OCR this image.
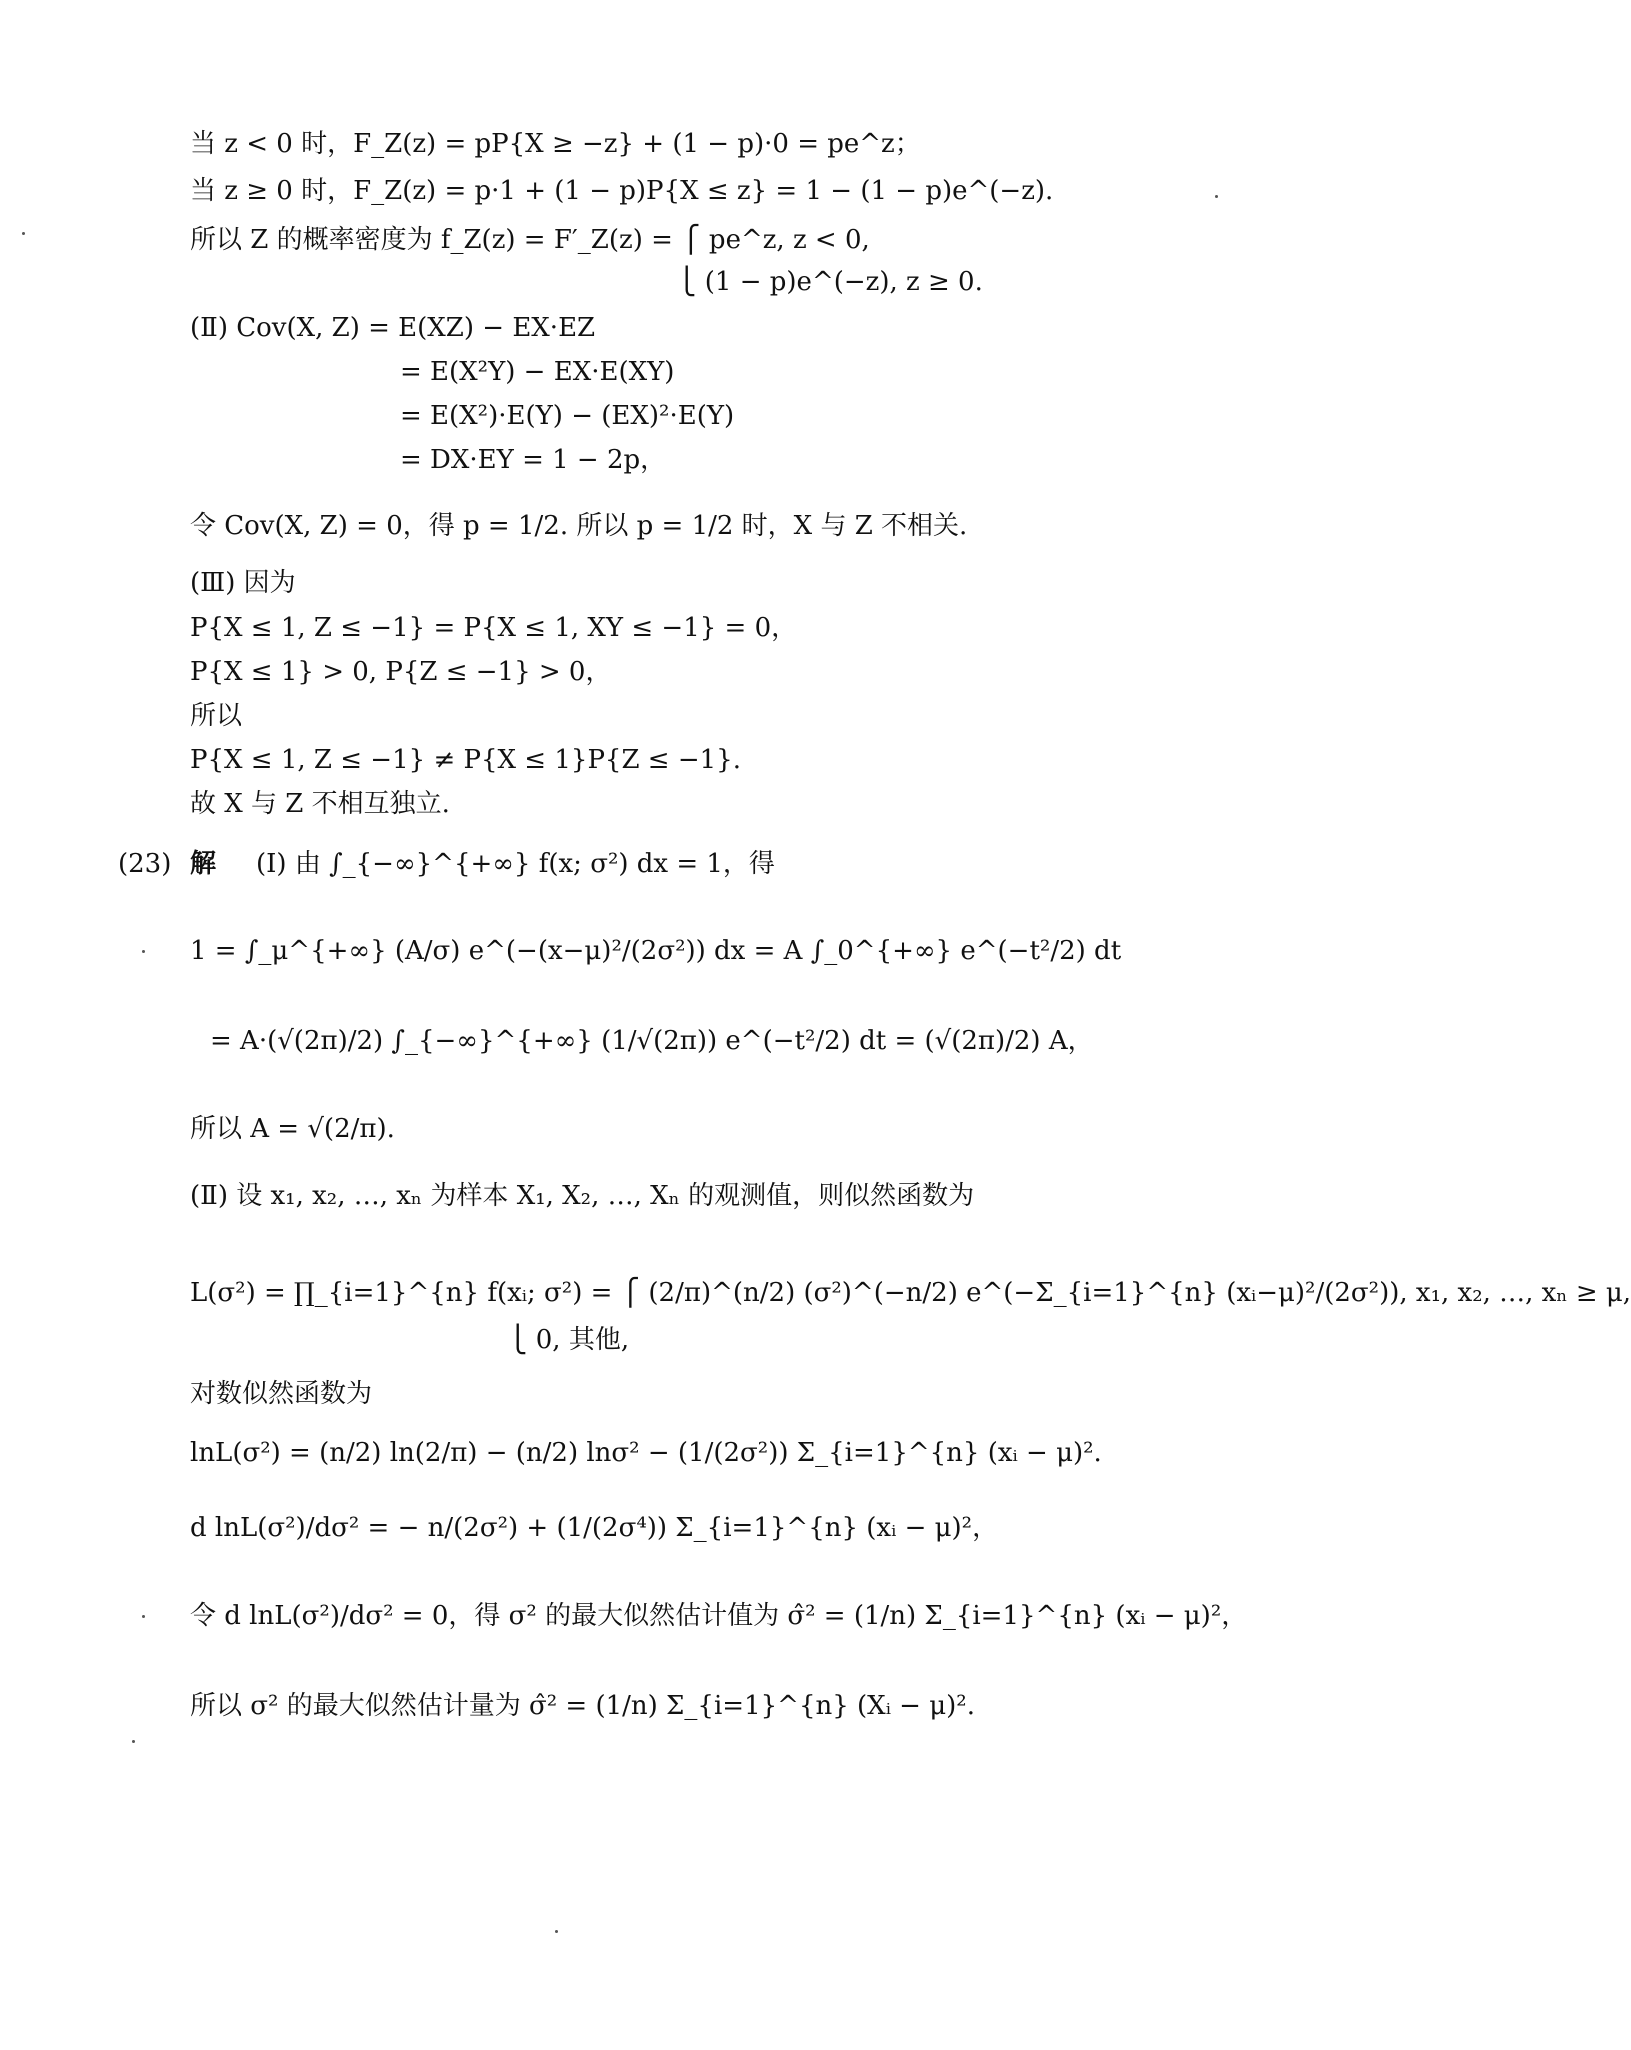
当 z < 0 时，F_Z(z) = pP{X ≥ −z} + (1 − p)·0 = pe^z；
当 z ≥ 0 时，F_Z(z) = p·1 + (1 − p)P{X ≤ z} = 1 − (1 − p)e^(−z).
所以 Z 的概率密度为 f_Z(z) = F′_Z(z) = ⎧ pe^z, z < 0,
⎩ (1 − p)e^(−z), z ≥ 0.
(Ⅱ) Cov(X, Z) = E(XZ) − EX·EZ
= E(X²Y) − EX·E(XY)
= E(X²)·E(Y) − (EX)²·E(Y)
= DX·EY = 1 − 2p，
令 Cov(X, Z) = 0，得 p = 1/2. 所以 p = 1/2 时，X 与 Z 不相关.
(Ⅲ) 因为
P{X ≤ 1, Z ≤ −1} = P{X ≤ 1, XY ≤ −1} = 0，
P{X ≤ 1} > 0, P{Z ≤ −1} > 0，
所以
P{X ≤ 1, Z ≤ −1} ≠ P{X ≤ 1}P{Z ≤ −1}.
故 X 与 Z 不相互独立.
(23) 解 (Ⅰ) 由 ∫_{−∞}^{+∞} f(x; σ²) dx = 1，得
1 = ∫_μ^{+∞} (A/σ) e^(−(x−μ)²/(2σ²)) dx = A ∫_0^{+∞} e^(−t²/2) dt
= A·(√(2π)/2) ∫_{−∞}^{+∞} (1/√(2π)) e^(−t²/2) dt = (√(2π)/2) A，
所以 A = √(2/π).
(Ⅱ) 设 x₁, x₂, …, xₙ 为样本 X₁, X₂, …, Xₙ 的观测值，则似然函数为
L(σ²) = ∏_{i=1}^{n} f(xᵢ; σ²) = ⎧ (2/π)^(n/2) (σ²)^(−n/2) e^(−Σ_{i=1}^{n} (xᵢ−μ)²/(2σ²)), x₁, x₂, …, xₙ ≥ μ,
⎩ 0, 其他,
对数似然函数为
lnL(σ²) = (n/2) ln(2/π) − (n/2) lnσ² − (1/(2σ²)) Σ_{i=1}^{n} (xᵢ − μ)².
d lnL(σ²)/dσ² = − n/(2σ²) + (1/(2σ⁴)) Σ_{i=1}^{n} (xᵢ − μ)²，
令 d lnL(σ²)/dσ² = 0，得 σ² 的最大似然估计值为 σ̂² = (1/n) Σ_{i=1}^{n} (xᵢ − μ)²，
所以 σ² 的最大似然估计量为 σ̂² = (1/n) Σ_{i=1}^{n} (Xᵢ − μ)².
